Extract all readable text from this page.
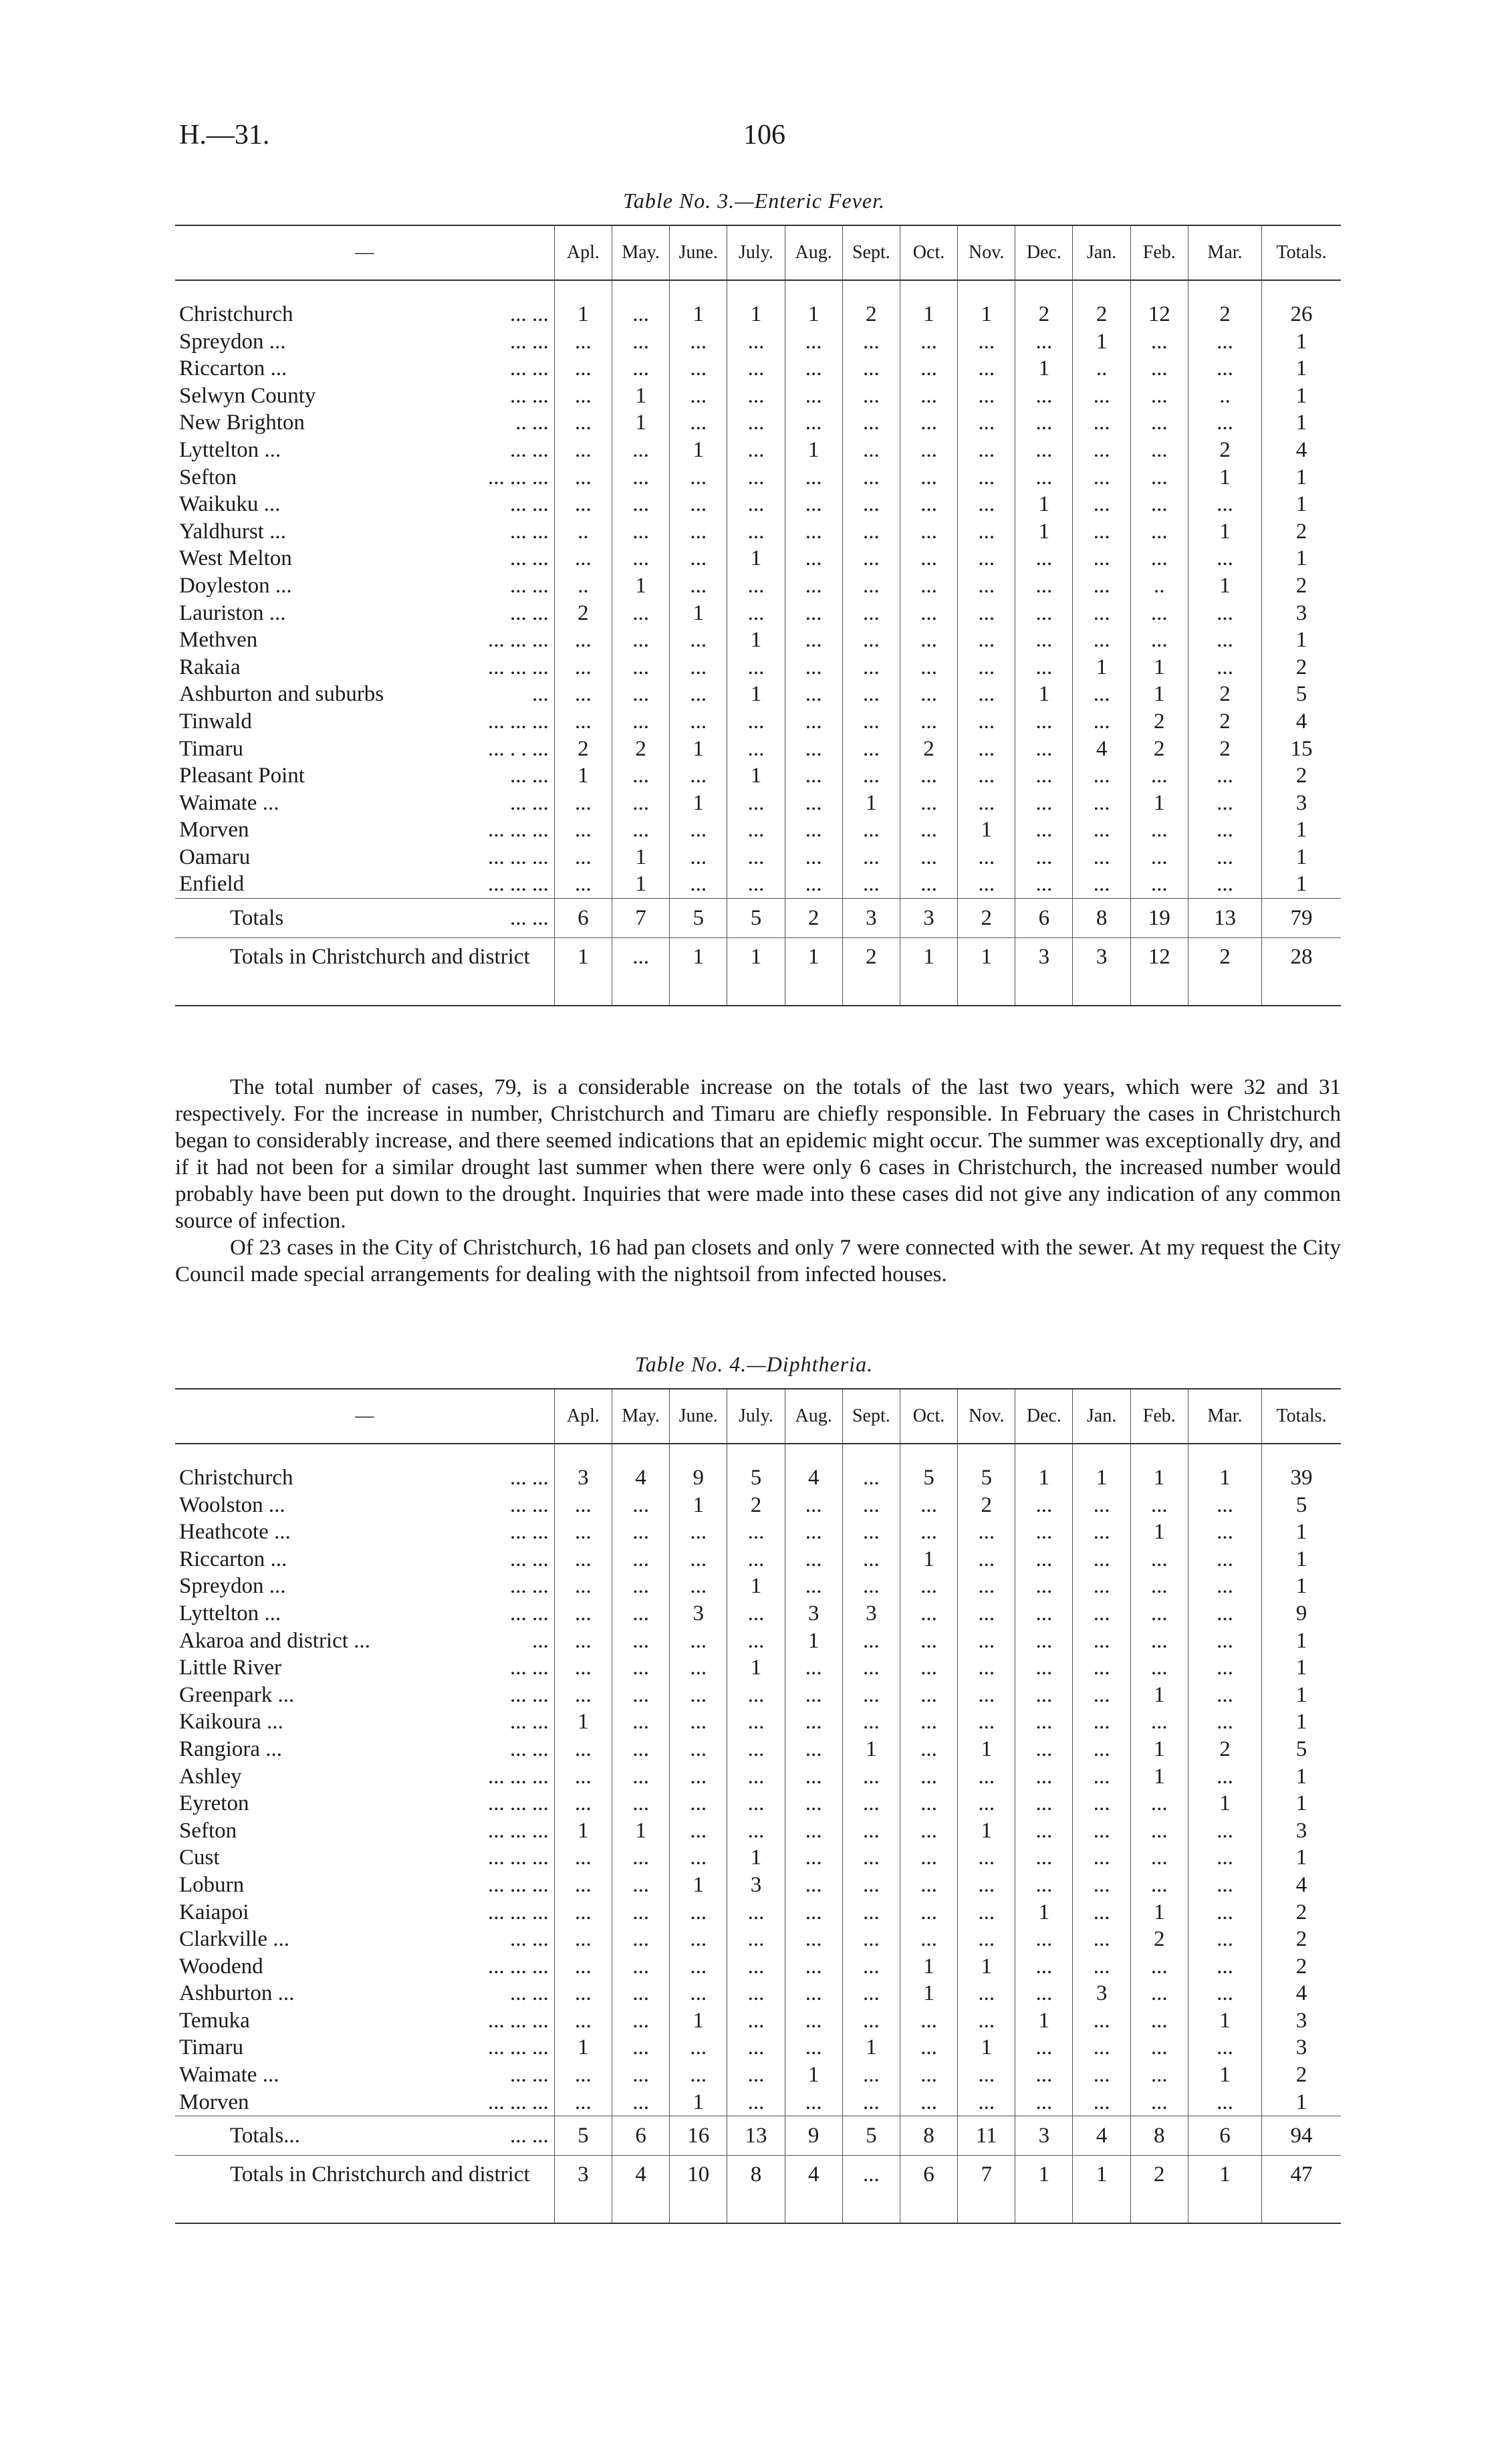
H.—31.	106
Table No. 3.—Enteric Fever.
—	Apl.	May.	June.	July.	Aug.	Sept.	Oct.	Nov.	Dec.	Jan.	Feb.	Mar.	Totals.

Christchurch ... ...	1	...	1	1	1	2	1	1	2	2	12	2	26
Spreydon ... ... ...	...	...	...	...	...	...	...	...	...	1	...	...	1
Riccarton ... ... ...	...	...	...	...	...	...	...	...	1	..	...	...	1
Selwyn County ... ...	...	1	...	...	...	...	...	...	...	...	...	..	1
New Brighton .. ...	...	1	...	...	...	...	...	...	...	...	...	...	1
Lyttelton ... ... ...	...	...	1	...	1	...	...	...	...	...	...	2	4
Sefton ... ... ...	...	...	...	...	...	...	...	...	...	...	...	1	1
Waikuku ... ... ...	...	...	...	...	...	...	...	...	1	...	...	...	1
Yaldhurst ... ... ...	..	...	...	...	...	...	...	...	1	...	...	1	2
West Melton ... ...	...	...	...	1	...	...	...	...	...	...	...	...	1
Doyleston ... ... ...	..	1	...	...	...	...	...	...	...	...	..	1	2
Lauriston ... ... ...	2	...	1	...	...	...	...	...	...	...	...	...	3
Methven ... ... ...	...	...	...	1	...	...	...	...	...	...	...	...	1
Rakaia ... ... ...	...	...	...	...	...	...	...	...	...	1	1	...	2
Ashburton and suburbs ...	...	...	...	1	...	...	...	...	1	...	1	2	5
Tinwald ... ... ...	...	...	...	...	...	...	...	...	...	...	2	2	4
Timaru ... . . ...	2	2	1	...	...	...	2	...	...	4	2	2	15
Pleasant Point ... ...	1	...	...	1	...	...	...	...	...	...	...	...	2
Waimate ... ... ...	...	...	1	...	...	1	...	...	...	...	1	...	3
Morven ... ... ...	...	...	...	...	...	...	...	1	...	...	...	...	1
Oamaru ... ... ...	...	1	...	...	...	...	...	...	...	...	...	...	1
Enfield ... ... ...	...	1	...	...	...	...	...	...	...	...	...	...	1
Totals ... ...	6	7	5	5	2	3	3	2	6	8	19	13	79
Totals in Christchurch and district	1	...	1	1	1	2	1	1	3	3	12	2	28

The total number of cases, 79, is a considerable increase on the totals of the last two years, which were 32 and 31 respectively. For the increase in number, Christchurch and Timaru are chiefly responsible. In February the cases in Christchurch began to considerably increase, and there seemed indications that an epidemic might occur. The summer was exceptionally dry, and if it had not been for a similar drought last summer when there were only 6 cases in Christchurch, the increased number would probably have been put down to the drought. Inquiries that were made into these cases did not give any indication of any common source of infection.

Of 23 cases in the City of Christchurch, 16 had pan closets and only 7 were connected with the sewer. At my request the City Council made special arrangements for dealing with the nightsoil from infected houses.

Table No. 4.—Diphtheria.
—	Apl.	May.	June.	July.	Aug.	Sept.	Oct.	Nov.	Dec.	Jan.	Feb.	Mar.	Totals.

Christchurch ... ...	3	4	9	5	4	...	5	5	1	1	1	1	39
Woolston ... ... ...	...	...	1	2	...	...	...	2	...	...	...	...	5
Heathcote ... ... ...	...	...	...	...	...	...	...	...	...	...	1	...	1
Riccarton ... ... ...	...	...	...	...	...	...	1	...	...	...	...	...	1
Spreydon ... ... ...	...	...	...	1	...	...	...	...	...	...	...	...	1
Lyttelton ... ... ...	...	...	3	...	3	3	...	...	...	...	...	...	9
Akaroa and district ... ...	...	...	...	...	1	...	...	...	...	...	...	...	1
Little River ... ...	...	...	...	1	...	...	...	...	...	...	...	...	1
Greenpark ... ... ...	...	...	...	...	...	...	...	...	...	...	1	...	1
Kaikoura ... ... ...	1	...	...	...	...	...	...	...	...	...	...	...	1
Rangiora ... ... ...	...	...	...	...	...	1	...	1	...	...	1	2	5
Ashley ... ... ...	...	...	...	...	...	...	...	...	...	...	1	...	1
Eyreton ... ... ...	...	...	...	...	...	...	...	...	...	...	...	1	1
Sefton ... ... ...	1	1	...	...	...	...	...	1	...	...	...	...	3
Cust ... ... ...	...	...	...	1	...	...	...	...	...	...	...	...	1
Loburn ... ... ...	...	...	1	3	...	...	...	...	...	...	...	...	4
Kaiapoi ... ... ...	...	...	...	...	...	...	...	...	1	...	1	...	2
Clarkville ... ... ...	...	...	...	...	...	...	...	...	...	...	2	...	2
Woodend ... ... ...	...	...	...	...	...	...	1	1	...	...	...	...	2
Ashburton ... ... ...	...	...	...	...	...	...	1	...	...	3	...	...	4
Temuka ... ... ...	...	...	1	...	...	...	...	...	1	...	...	1	3
Timaru ... ... ...	1	...	...	...	...	1	...	1	...	...	...	...	3
Waimate ... ... ...	...	...	...	...	1	...	...	...	...	...	...	1	2
Morven ... ... ...	...	...	1	...	...	...	...	...	...	...	...	...	1
Totals... ... ...	5	6	16	13	9	5	8	11	3	4	8	6	94
Totals in Christchurch and district	3	4	10	8	4	...	6	7	1	1	2	1	47
